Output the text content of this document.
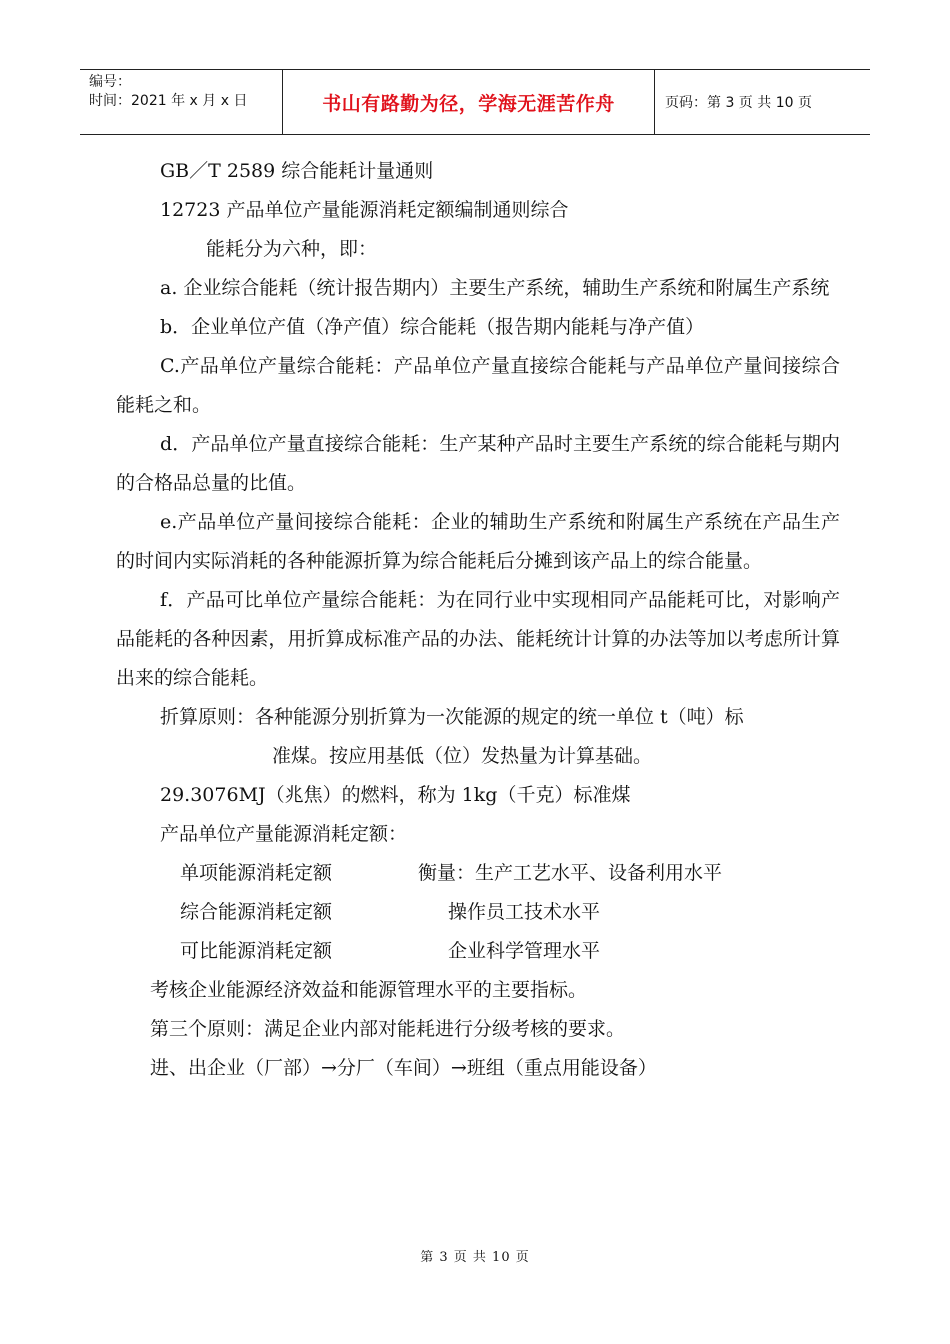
编号：
时间：2021 年 x 月 x 日	书山有路勤为径，学海无涯苦作舟	页码：第 3 页 共 10 页

GB／T 2589 综合能耗计量通则

12723 产品单位产量能源消耗定额编制通则综合

能耗分为六种，即：

a. 企业综合能耗（统计报告期内）主要生产系统，辅助生产系统和附属生产系统

b．企业单位产值（净产值）综合能耗（报告期内能耗与净产值）

C.产品单位产量综合能耗：产品单位产量直接综合能耗与产品单位产量间接综合能耗之和。

d．产品单位产量直接综合能耗：生产某种产品时主要生产系统的综合能耗与期内的合格品总量的比值。

e.产品单位产量间接综合能耗：企业的辅助生产系统和附属生产系统在产品生产的时间内实际消耗的各种能源折算为综合能耗后分摊到该产品上的综合能量。

f．产品可比单位产量综合能耗：为在同行业中实现相同产品能耗可比，对影响产品能耗的各种因素，用折算成标准产品的办法、能耗统计计算的办法等加以考虑所计算出来的综合能耗。

折算原则：各种能源分别折算为一次能源的规定的统一单位 t（吨）标

准煤。按应用基低（位）发热量为计算基础。

29.3076MJ（兆焦）的燃料，称为 1kg（千克）标准煤

产品单位产量能源消耗定额：

单项能源消耗定额	衡量：生产工艺水平、设备利用水平
综合能源消耗定额	操作员工技术水平
可比能源消耗定额	企业科学管理水平

考核企业能源经济效益和能源管理水平的主要指标。

第三个原则：满足企业内部对能耗进行分级考核的要求。

进、出企业（厂部）→分厂（车间）→班组（重点用能设备）

第 3 页 共 10 页
